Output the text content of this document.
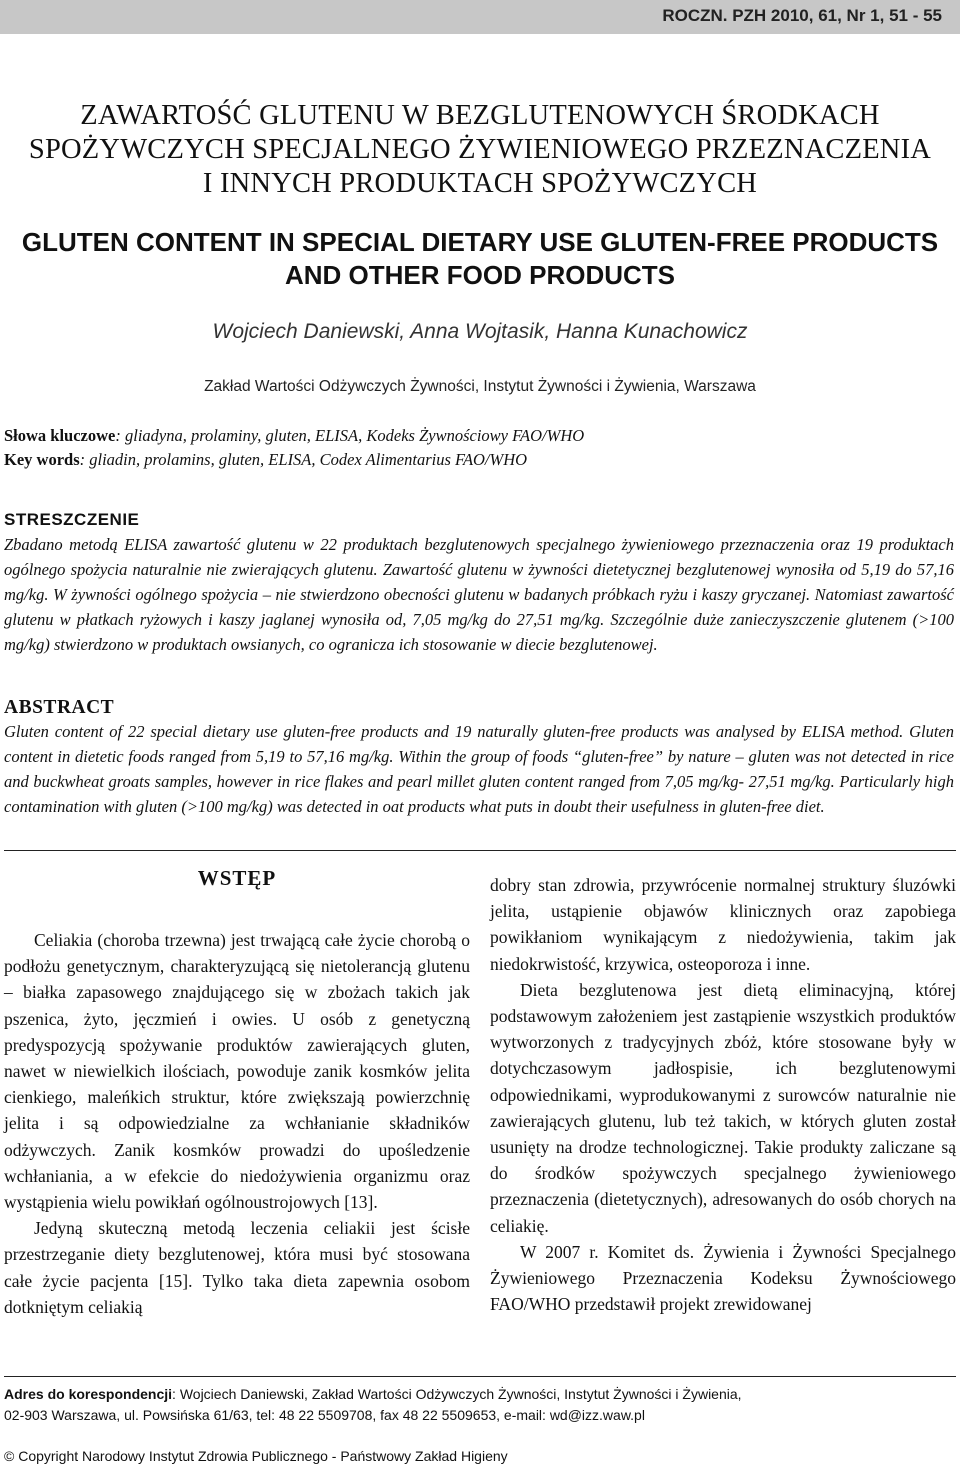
ROCZN. PZH 2010, 61, Nr 1, 51 - 55
ZAWARTOŚĆ GLUTENU W BEZGLUTENOWYCH ŚRODKACH
SPOŻYWCZYCH SPECJALNEGO ŻYWIENIOWEGO PRZEZNACZENIA
I INNYCH PRODUKTACH SPOŻYWCZYCH
GLUTEN CONTENT IN SPECIAL DIETARY USE GLUTEN-FREE PRODUCTS
AND OTHER FOOD PRODUCTS
Wojciech Daniewski, Anna Wojtasik, Hanna Kunachowicz
Zakład Wartości Odżywczych Żywności, Instytut Żywności i Żywienia, Warszawa
Słowa kluczowe: gliadyna, prolaminy, gluten, ELISA, Kodeks Żywnościowy FAO/WHO
Key words: gliadin, prolamins, gluten, ELISA, Codex Alimentarius FAO/WHO
STRESZCZENIE

Zbadano metodą ELISA zawartość glutenu w 22 produktach bezglutenowych specjalnego żywieniowego przeznaczenia oraz 19 produktach ogólnego spożycia naturalnie nie zwierających glutenu. Zawartość glutenu w żywności dietetycznej bezglutenowej wynosiła od 5,19 do 57,16 mg/kg. W żywności ogólnego spożycia – nie stwierdzono obecności glutenu w badanych próbkach ryżu i kaszy gryczanej. Natomiast zawartość glutenu w płatkach ryżowych i kaszy jaglanej wynosiła od, 7,05 mg/kg do 27,51 mg/kg. Szczególnie duże zanieczyszczenie glutenem (>100 mg/kg) stwierdzono w produktach owsianych, co ogranicza ich stosowanie w diecie bezglutenowej.

ABSTRACT

Gluten content of 22 special dietary use gluten-free products and 19 naturally gluten-free products was analysed by ELISA method. Gluten content in dietetic foods ranged from 5,19 to 57,16 mg/kg. Within the group of foods “gluten-free” by nature – gluten was not detected in rice and buckwheat groats samples, however in rice flakes and pearl millet gluten content ranged from 7,05 mg/kg- 27,51 mg/kg. Particularly high contamination with gluten (>100 mg/kg) was detected in oat products what puts in doubt their usefulness in gluten-free diet.

WSTĘP

Celiakia (choroba trzewna) jest trwającą całe życie chorobą o podłożu genetycznym, charakteryzującą się nietolerancją glutenu – białka zapasowego znajdującego się w zbożach takich jak pszenica, żyto, jęczmień i owies. U osób z genetyczną predyspozycją spożywanie produktów zawierających gluten, nawet w niewielkich ilościach, powoduje zanik kosmków jelita cienkiego, maleńkich struktur, które zwiększają powierzchnię jelita i są odpowiedzialne za wchłanianie składników odżywczych. Zanik kosmków prowadzi do upośledzenie wchłaniania, a w efekcie do niedożywienia organizmu oraz wystąpienia wielu powikłań ogólnoustrojowych [13].

Jedyną skuteczną metodą leczenia celiakii jest ścisłe przestrzeganie diety bezglutenowej, która musi być stosowana całe życie pacjenta [15]. Tylko taka dieta zapewnia osobom dotkniętym celiakią

dobry stan zdrowia, przywrócenie normalnej struktury śluzówki jelita, ustąpienie objawów klinicznych oraz zapobiega powikłaniom wynikającym z niedożywienia, takim jak niedokrwistość, krzywica, osteoporoza i inne.

Dieta bezglutenowa jest dietą eliminacyjną, której podstawowym założeniem jest zastąpienie wszystkich produktów wytworzonych z tradycyjnych zbóż, które stosowane były w dotychczasowym jadłospisie, ich bezglutenowymi odpowiednikami, wyprodukowanymi z surowców naturalnie nie zawierających glutenu, lub też takich, w których gluten został usunięty na drodze technologicznej. Takie produkty zaliczane są do środków spożywczych specjalnego żywieniowego przeznaczenia (dietetycznych), adresowanych do osób chorych na celiakię.

W 2007 r. Komitet ds. Żywienia i Żywności Specjalnego Żywieniowego Przeznaczenia Kodeksu Żywnościowego FAO/WHO przedstawił projekt zrewidowanej

Adres do korespondencji: Wojciech Daniewski, Zakład Wartości Odżywczych Żywności, Instytut Żywności i Żywienia,
02-903 Warszawa, ul. Powsińska 61/63, tel: 48 22 5509708, fax 48 22 5509653, e-mail: wd@izz.waw.pl
© Copyright Narodowy Instytut Zdrowia Publicznego - Państwowy Zakład Higieny
